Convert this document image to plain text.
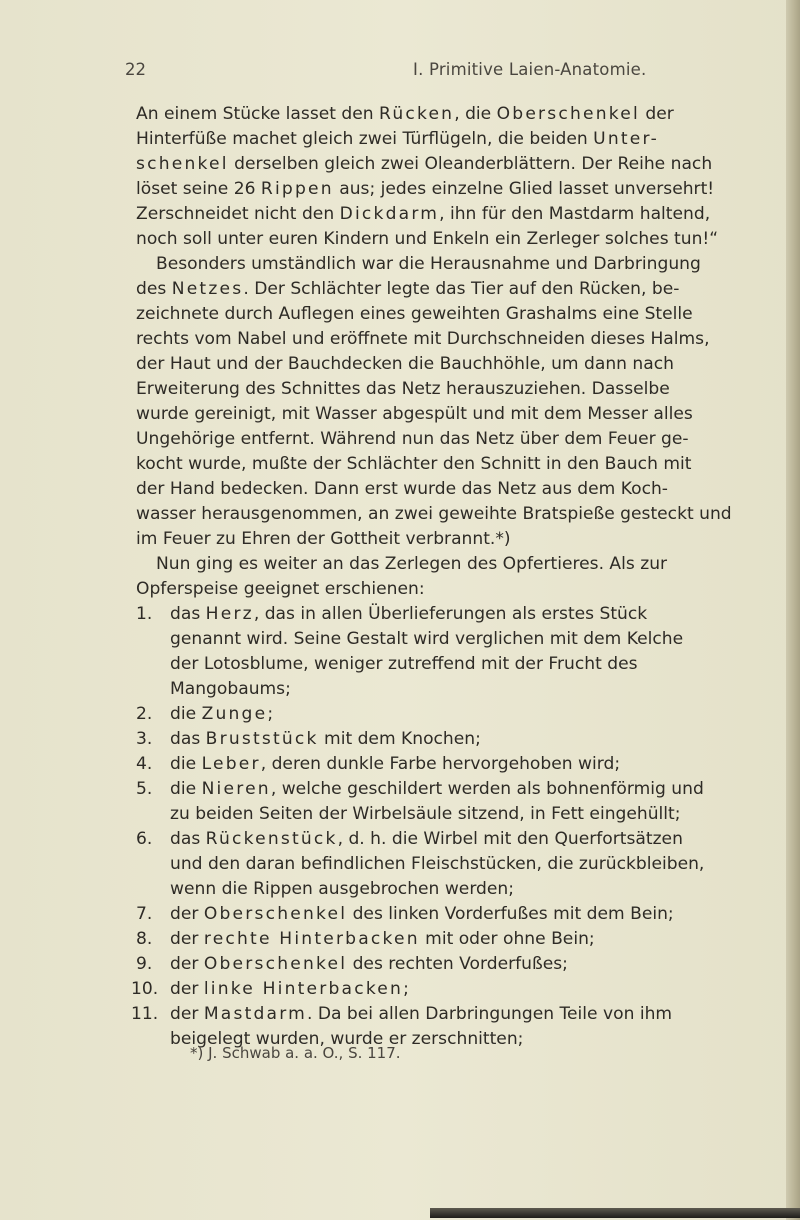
22	I. Primitive Laien-Anatomie.
An einem Stücke lasset den Rücken, die Oberschenkel der
Hinterfüße machet gleich zwei Türflügeln, die beiden Unter-
schenkel derselben gleich zwei Oleanderblättern. Der Reihe nach
löset seine 26 Rippen aus; jedes einzelne Glied lasset unversehrt!
Zerschneidet nicht den Dickdarm, ihn für den Mastdarm haltend,
noch soll unter euren Kindern und Enkeln ein Zerleger solches tun!“
Besonders umständlich war die Herausnahme und Darbringung
des Netzes. Der Schlächter legte das Tier auf den Rücken, be-
zeichnete durch Auflegen eines geweihten Grashalms eine Stelle
rechts vom Nabel und eröffnete mit Durchschneiden dieses Halms,
der Haut und der Bauchdecken die Bauchhöhle, um dann nach
Erweiterung des Schnittes das Netz herauszuziehen. Dasselbe
wurde gereinigt, mit Wasser abgespült und mit dem Messer alles
Ungehörige entfernt. Während nun das Netz über dem Feuer ge-
kocht wurde, mußte der Schlächter den Schnitt in den Bauch mit
der Hand bedecken. Dann erst wurde das Netz aus dem Koch-
wasser herausgenommen, an zwei geweihte Bratspieße gesteckt und
im Feuer zu Ehren der Gottheit verbrannt.*)
Nun ging es weiter an das Zerlegen des Opfertieres. Als zur
Opferspeise geeignet erschienen:
1.	das Herz, das in allen Überlieferungen als erstes Stück
genannt wird. Seine Gestalt wird verglichen mit dem Kelche
der Lotosblume, weniger zutreffend mit der Frucht des
Mangobaums;
2.	die Zunge;
3.	das Bruststück mit dem Knochen;
4.	die Leber, deren dunkle Farbe hervorgehoben wird;
5.	die Nieren, welche geschildert werden als bohnenförmig und
zu beiden Seiten der Wirbelsäule sitzend, in Fett eingehüllt;
6.	das Rückenstück, d. h. die Wirbel mit den Querfortsätzen
und den daran befindlichen Fleischstücken, die zurückbleiben,
wenn die Rippen ausgebrochen werden;
7.	der Oberschenkel des linken Vorderfußes mit dem Bein;
8.	der rechte Hinterbacken mit oder ohne Bein;
9.	der Oberschenkel des rechten Vorderfußes;
10. der linke Hinterbacken;
11. der Mastdarm. Da bei allen Darbringungen Teile von ihm
beigelegt wurden, wurde er zerschnitten;
*) J. Schwab a. a. O., S. 117.
